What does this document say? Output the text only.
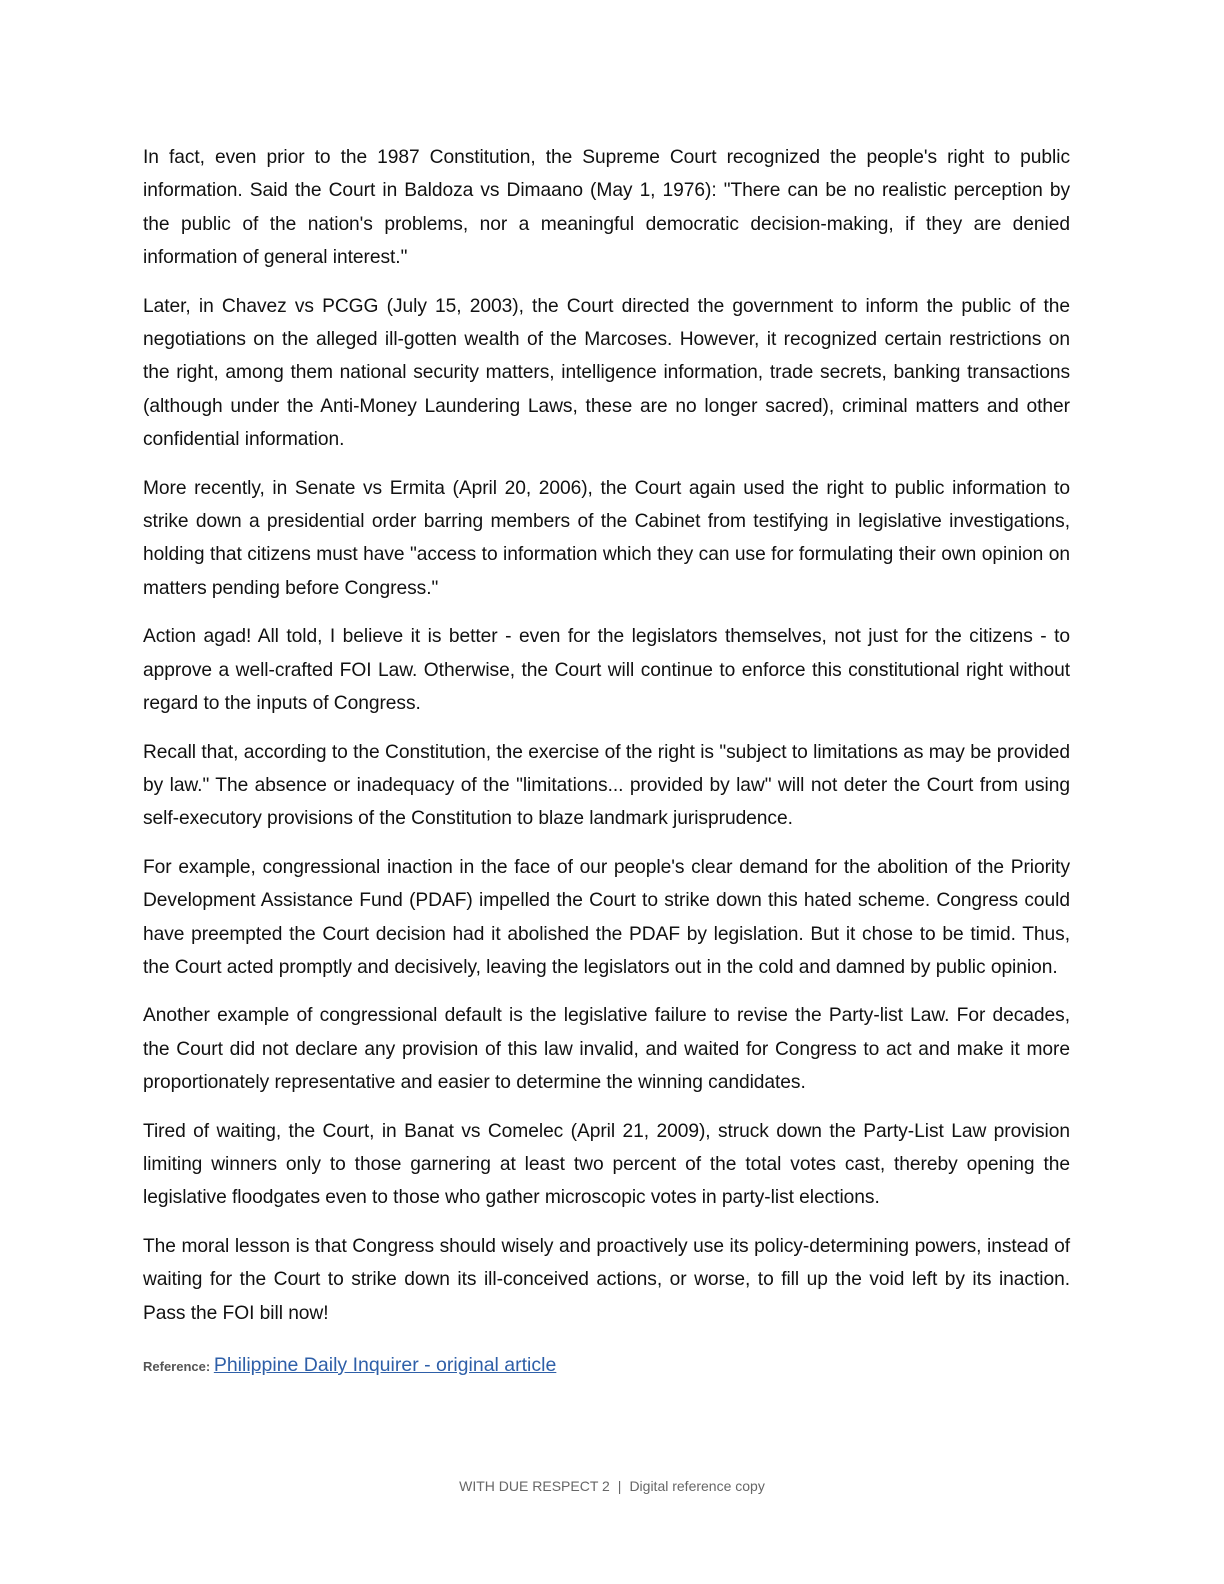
In fact, even prior to the 1987 Constitution, the Supreme Court recognized the people's right to public information. Said the Court in Baldoza vs Dimaano (May 1, 1976): "There can be no realistic perception by the public of the nation's problems, nor a meaningful democratic decision-making, if they are denied information of general interest."

Later, in Chavez vs PCGG (July 15, 2003), the Court directed the government to inform the public of the negotiations on the alleged ill-gotten wealth of the Marcoses. However, it recognized certain restrictions on the right, among them national security matters, intelligence information, trade secrets, banking transactions (although under the Anti-Money Laundering Laws, these are no longer sacred), criminal matters and other confidential information.

More recently, in Senate vs Ermita (April 20, 2006), the Court again used the right to public information to strike down a presidential order barring members of the Cabinet from testifying in legislative investigations, holding that citizens must have "access to information which they can use for formulating their own opinion on matters pending before Congress."

Action agad! All told, I believe it is better - even for the legislators themselves, not just for the citizens - to approve a well-crafted FOI Law. Otherwise, the Court will continue to enforce this constitutional right without regard to the inputs of Congress.

Recall that, according to the Constitution, the exercise of the right is "subject to limitations as may be provided by law." The absence or inadequacy of the "limitations... provided by law" will not deter the Court from using self-executory provisions of the Constitution to blaze landmark jurisprudence.

For example, congressional inaction in the face of our people's clear demand for the abolition of the Priority Development Assistance Fund (PDAF) impelled the Court to strike down this hated scheme. Congress could have preempted the Court decision had it abolished the PDAF by legislation. But it chose to be timid. Thus, the Court acted promptly and decisively, leaving the legislators out in the cold and damned by public opinion.

Another example of congressional default is the legislative failure to revise the Party-list Law. For decades, the Court did not declare any provision of this law invalid, and waited for Congress to act and make it more proportionately representative and easier to determine the winning candidates.

Tired of waiting, the Court, in Banat vs Comelec (April 21, 2009), struck down the Party-List Law provision limiting winners only to those garnering at least two percent of the total votes cast, thereby opening the legislative floodgates even to those who gather microscopic votes in party-list elections.

The moral lesson is that Congress should wisely and proactively use its policy-determining powers, instead of waiting for the Court to strike down its ill-conceived actions, or worse, to fill up the void left by its inaction. Pass the FOI bill now!

Reference: Philippine Daily Inquirer - original article
WITH DUE RESPECT 2 | Digital reference copy
